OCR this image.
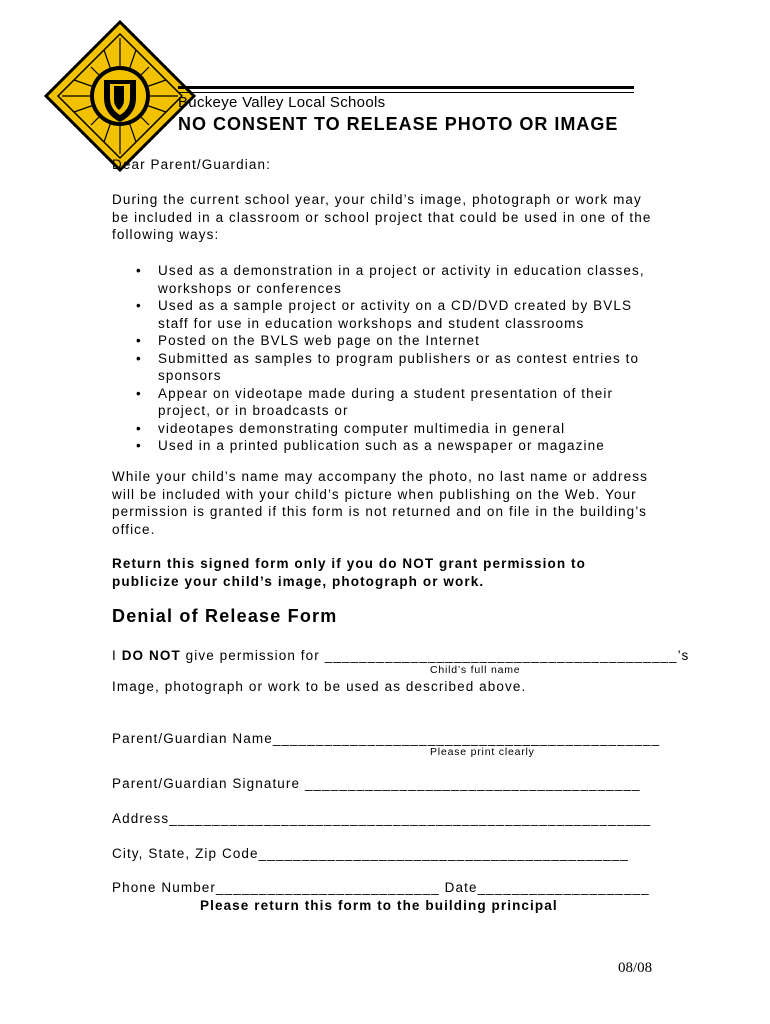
Buckeye Valley Local Schools
NO CONSENT TO RELEASE PHOTO OR IMAGE
Dear Parent/Guardian:
During the current school year, your child’s image, photograph or work may
be included in a classroom or school project that could be used in one of the
following ways:
• Used as a demonstration in a project or activity in education classes,
workshops or conferences
• Used as a sample project or activity on a CD/DVD created by BVLS
staff for use in education workshops and student classrooms
• Posted on the BVLS web page on the Internet
• Submitted as samples to program publishers or as contest entries to
sponsors
• Appear on videotape made during a student presentation of their
project, or in broadcasts or
• videotapes demonstrating computer multimedia in general
• Used in a printed publication such as a newspaper or magazine
While your child’s name may accompany the photo, no last name or address
will be included with your child’s picture when publishing on the Web. Your
permission is granted if this form is not returned and on file in the building’s
office.
Return this signed form only if you do NOT grant permission to
publicize your child’s image, photograph or work.
Denial of Release Form
I DO NOT give permission for _________________________________________’s
Child’s full name
Image, photograph or work to be used as described above.
Parent/Guardian Name_____________________________________________
Please print clearly
Parent/Guardian Signature _______________________________________
Address________________________________________________________
City, State, Zip Code___________________________________________
Phone Number__________________________ Date____________________
Please return this form to the building principal
08/08
